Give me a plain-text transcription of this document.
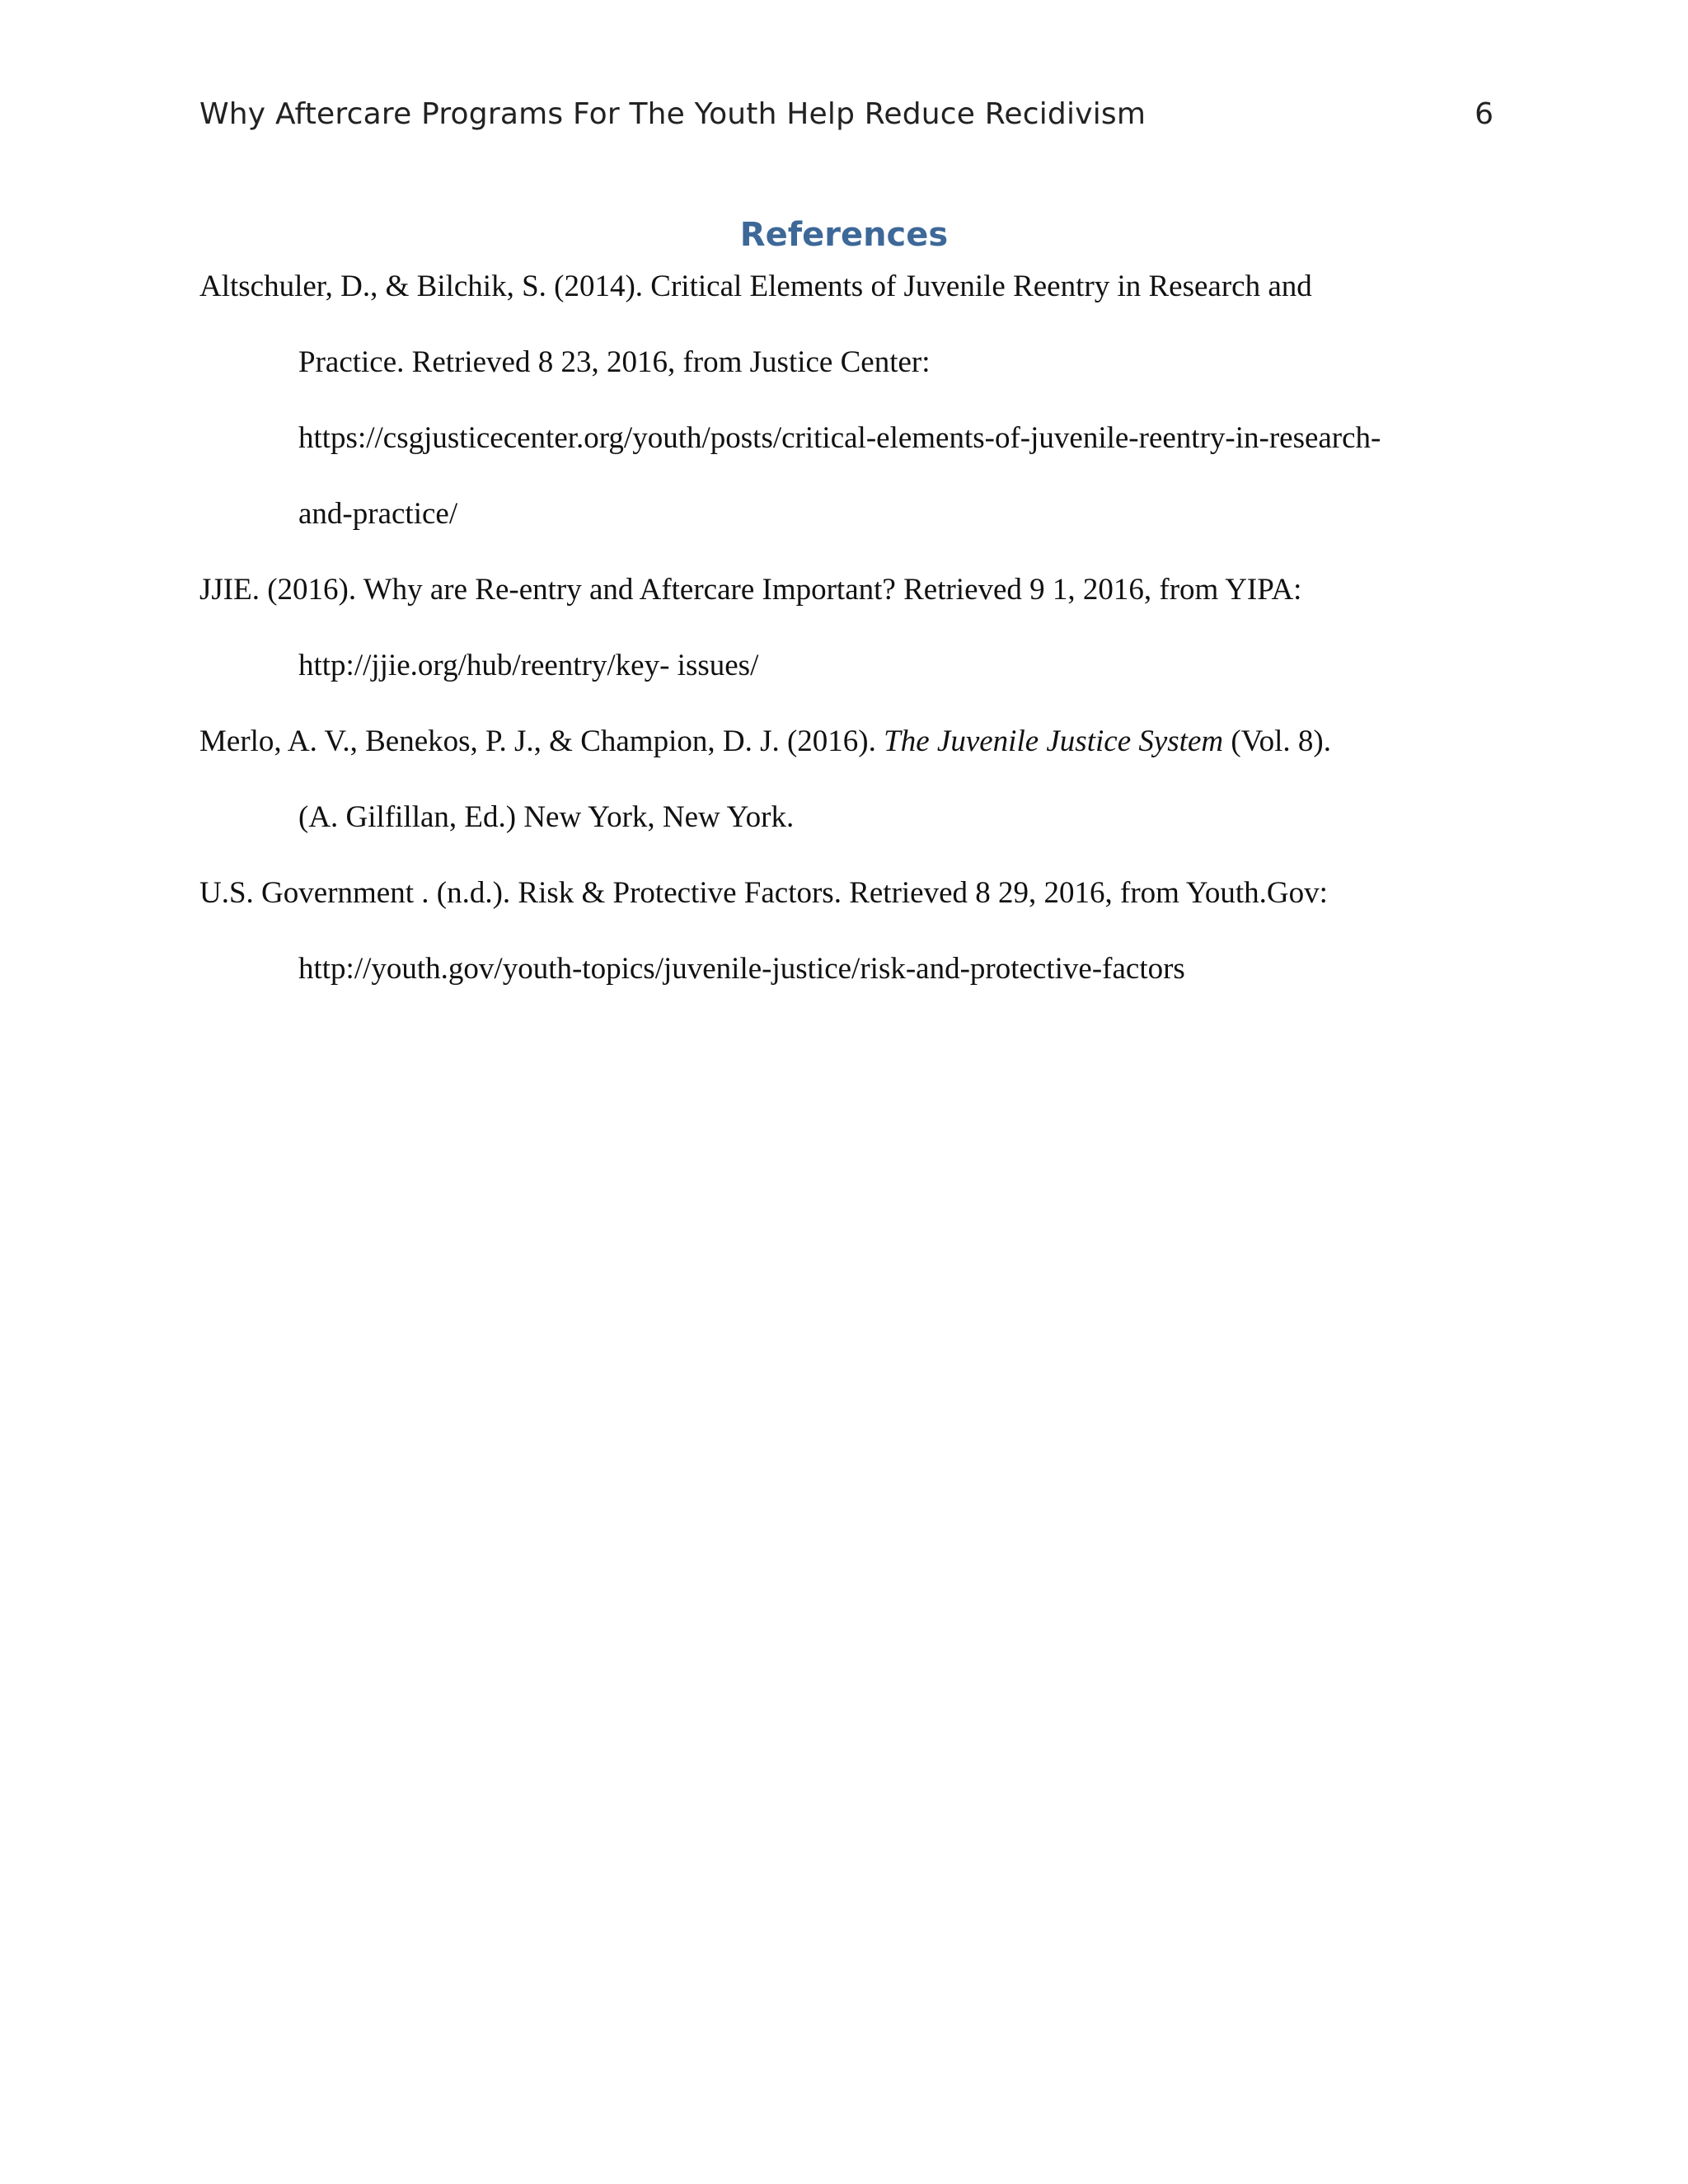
Why Aftercare Programs For The Youth Help Reduce Recidivism	6
References
Altschuler, D., & Bilchik, S. (2014). Critical Elements of Juvenile Reentry in Research and
Practice. Retrieved 8 23, 2016, from Justice Center:
https://csgjusticecenter.org/youth/posts/critical-elements-of-juvenile-reentry-in-research-
and-practice/
JJIE. (2016). Why are Re-entry and Aftercare Important? Retrieved 9 1, 2016, from YIPA:
http://jjie.org/hub/reentry/key- issues/
Merlo, A. V., Benekos, P. J., & Champion, D. J. (2016). The Juvenile Justice System (Vol. 8).
(A. Gilfillan, Ed.) New York, New York.
U.S. Government . (n.d.). Risk & Protective Factors. Retrieved 8 29, 2016, from Youth.Gov:
http://youth.gov/youth-topics/juvenile-justice/risk-and-protective-factors
